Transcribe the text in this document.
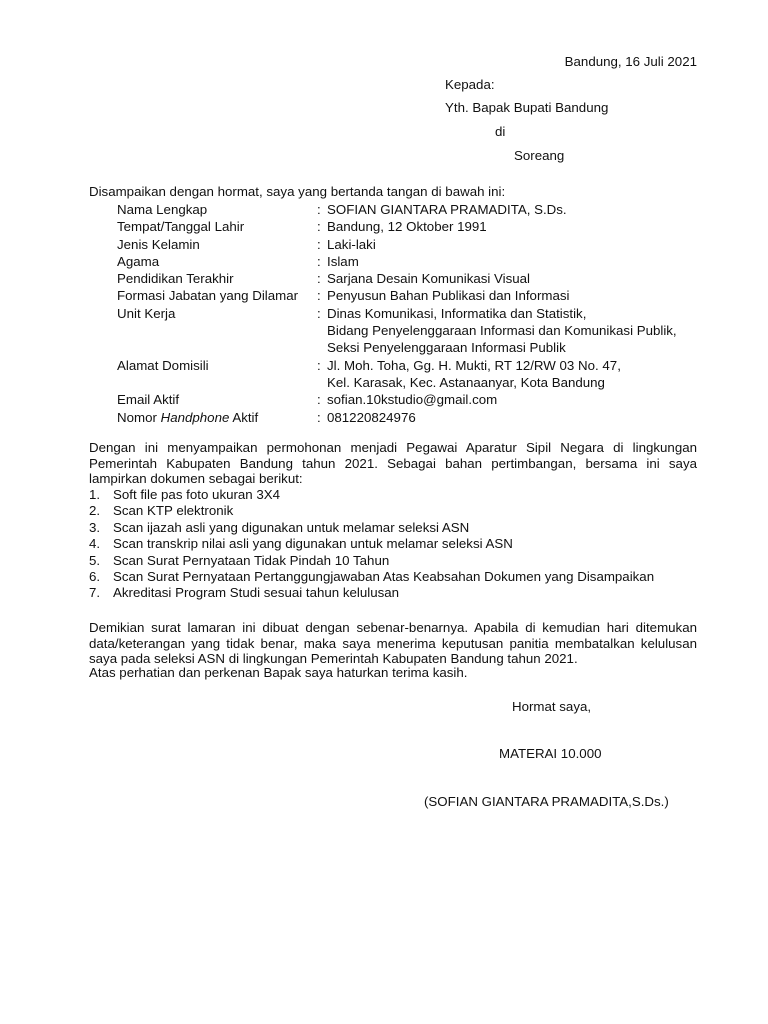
Bandung, 16 Juli 2021
Kepada:
Yth. Bapak Bupati Bandung
di
Soreang
Disampaikan dengan hormat, saya yang bertanda tangan di bawah ini:
Nama Lengkap	: SOFIAN GIANTARA PRAMADITA, S.Ds.
Tempat/Tanggal Lahir	: Bandung, 12 Oktober 1991
Jenis Kelamin	: Laki-laki
Agama	: Islam
Pendidikan Terakhir	: Sarjana Desain Komunikasi Visual
Formasi Jabatan yang Dilamar	: Penyusun Bahan Publikasi dan Informasi
Unit Kerja	: Dinas Komunikasi, Informatika dan Statistik,
Bidang Penyelenggaraan Informasi dan Komunikasi Publik,
Seksi Penyelenggaraan Informasi Publik
Alamat Domisili	: Jl. Moh. Toha, Gg. H. Mukti, RT 12/RW 03 No. 47,
Kel. Karasak, Kec. Astanaanyar, Kota Bandung
Email Aktif	: sofian.10kstudio@gmail.com
Nomor Handphone Aktif	: 081220824976
Dengan ini menyampaikan permohonan menjadi Pegawai Aparatur Sipil Negara di lingkungan Pemerintah Kabupaten Bandung tahun 2021. Sebagai bahan pertimbangan, bersama ini saya lampirkan dokumen sebagai berikut:
1. Soft file pas foto ukuran 3X4
2. Scan KTP elektronik
3. Scan ijazah asli yang digunakan untuk melamar seleksi ASN
4. Scan transkrip nilai asli yang digunakan untuk melamar seleksi ASN
5. Scan Surat Pernyataan Tidak Pindah 10 Tahun
6. Scan Surat Pernyataan Pertanggungjawaban Atas Keabsahan Dokumen yang Disampaikan
7. Akreditasi Program Studi sesuai tahun kelulusan
Demikian surat lamaran ini dibuat dengan sebenar-benarnya. Apabila di kemudian hari ditemukan data/keterangan yang tidak benar, maka saya menerima keputusan panitia membatalkan kelulusan saya pada seleksi ASN di lingkungan Pemerintah Kabupaten Bandung tahun 2021.
Atas perhatian dan perkenan Bapak saya haturkan terima kasih.
Hormat saya,
MATERAI 10.000
(SOFIAN GIANTARA PRAMADITA,S.Ds.)
